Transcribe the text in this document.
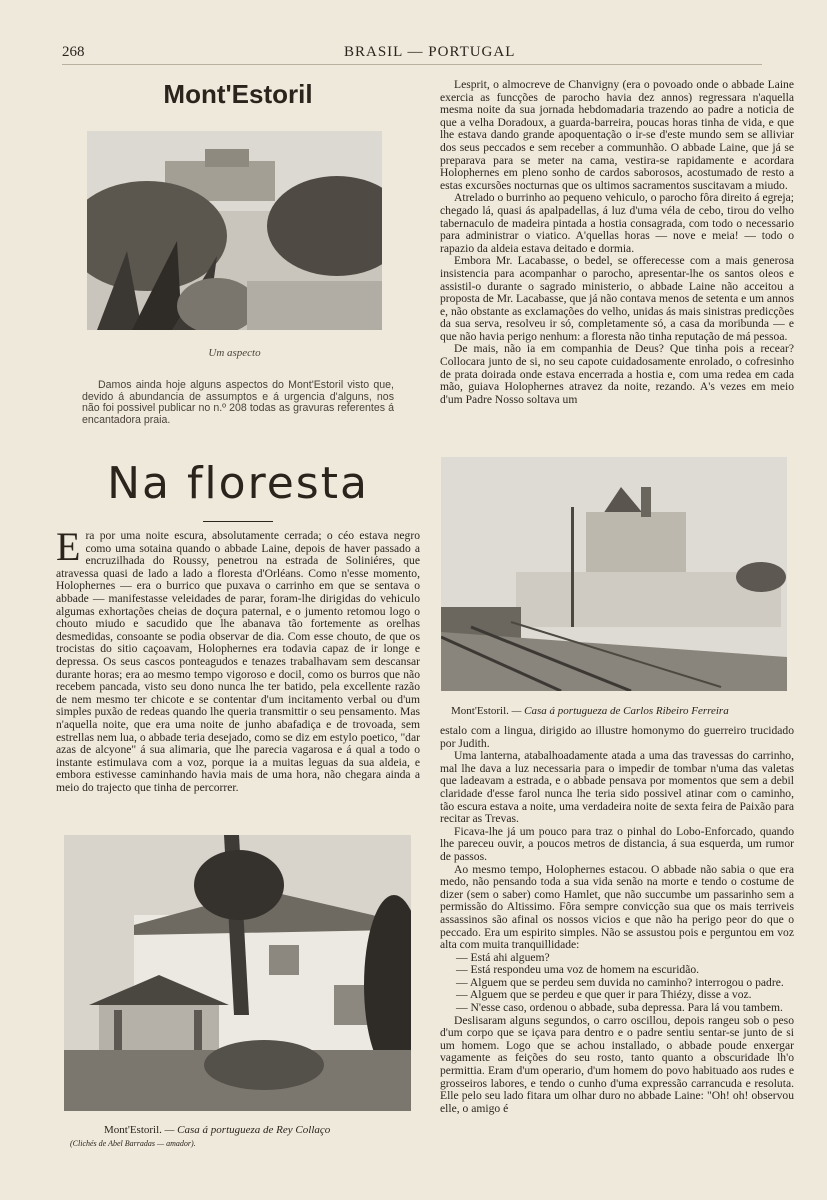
268	BRASIL — PORTUGAL
Mont'Estoril
Um aspecto

Damos ainda hoje alguns aspectos do Mont'Estoril visto que, devido á abundancia de assumptos e á urgencia d'alguns, nos não foi possivel publicar no n.º 208 todas as gravuras referentes á encantadora praia.

Na floresta

Era por uma noite escura, absolutamente cerrada; o céo estava negro como uma sotaina quando o abbade Laine, depois de haver passado a encruzilhada do Roussy, penetrou na estrada de Soliniéres, que atravessa quasi de lado a lado a floresta d'Orléans. Como n'esse momento, Holophernes — era o burrico que puxava o carrinho em que se sentava o abbade — manifestasse veleidades de parar, foram-lhe dirigidas do vehiculo algumas exhortações cheias de doçura paternal, e o jumento retomou logo o chouto miudo e sacudido que lhe abanava tão fortemente as orelhas desmedidas, consoante se podia observar de dia. Com esse chouto, de que os trocistas do sitio caçoavam, Holophernes era todavia capaz de ir longe e depressa. Os seus cascos ponteagudos e tenazes trabalhavam sem descansar durante horas; era ao mesmo tempo vigoroso e docil, como os burros que não recebem pancada, visto seu dono nunca lhe ter batido, pela excellente razão de nem mesmo ter chicote e se contentar d'um incitamento verbal ou d'um simples puxão de redeas quando lhe queria transmittir o seu pensamento. Mas n'aquella noite, que era uma noite de junho abafadiça e de trovoada, sem estrellas nem lua, o abbade teria desejado, como se diz em estylo poetico, "dar azas de alcyone" á sua alimaria, que lhe parecia vagarosa e á qual a todo o instante estimulava com a voz, porque ia a muitas leguas da sua aldeia, e embora estivesse caminhando havia mais de uma hora, não chegara ainda a meio do trajecto que tinha de percorrer.

Mont'Estoril. — Casa á portugueza de Rey Collaço
(Clichés de Abel Barradas — amador).

Lesprit, o almocreve de Chanvigny (era o povoado onde o abbade Laine exercia as funcções de parocho havia dez annos) regressara n'aquella mesma noite da sua jornada hebdomadaria trazendo ao padre a noticia de que a velha Doradoux, a guarda-barreira, poucas horas tinha de vida, e que lhe estava dando grande apoquentação o ir-se d'este mundo sem se alliviar dos seus peccados e sem receber a communhão. O abbade Laine, que já se preparava para se meter na cama, vestira-se rapidamente e acordara Holophernes em pleno sonho de cardos saborosos, acostumado de resto a estas excursões nocturnas que os ultimos sacramentos suscitavam a miudo.

Atrelado o burrinho ao pequeno vehiculo, o parocho fôra direito á egreja; chegado lá, quasi ás apalpadellas, á luz d'uma véla de cebo, tirou do velho tabernaculo de madeira pintada a hostia consagrada, com todo o necessario para administrar o viatico. A'quellas horas — nove e meia! — todo o rapazio da aldeia estava deitado e dormia.

Embora Mr. Lacabasse, o bedel, se offerecesse com a mais generosa insistencia para acompanhar o parocho, apresentar-lhe os santos oleos e assistil-o durante o sagrado ministerio, o abbade Laine não acceitou a proposta de Mr. Lacabasse, que já não contava menos de setenta e um annos e, não obstante as exclamações do velho, unidas ás mais sinistras predicções da sua serva, resolveu ir só, completamente só, a casa da moribunda — e que não havia perigo nenhum: a floresta não tinha reputação de má pessoa.

De mais, não ia em companhia de Deus? Que tinha pois a recear? Collocara junto de si, no seu capote cuidadosamente enrolado, o cofresinho de prata doirada onde estava encerrada a hostia e, com uma redea em cada mão, guiava Holophernes atravez da noite, rezando. A's vezes em meio d'um Padre Nosso soltava um

Mont'Estoril. — Casa á portugueza de Carlos Ribeiro Ferreira

estalo com a lingua, dirigido ao illustre homonymo do guerreiro trucidado por Judith.

Uma lanterna, atabalhoadamente atada a uma das travessas do carrinho, mal lhe dava a luz necessaria para o impedir de tombar n'uma das valetas que ladeavam a estrada, e o abbade pensava por momentos que sem a debil claridade d'esse farol nunca lhe teria sido possivel atinar com o caminho, tão escura estava a noite, uma verdadeira noite de sexta feira de Paixão para recitar as Trevas.

Ficava-lhe já um pouco para traz o pinhal do Lobo-Enforcado, quando lhe pareceu ouvir, a poucos metros de distancia, á sua esquerda, um rumor de passos.

Ao mesmo tempo, Holophernes estacou. O abbade não sabia o que era medo, não pensando toda a sua vida senão na morte e tendo o costume de dizer (sem o saber) como Hamlet, que não succumbe um passarinho sem a permissão do Altissimo. Fôra sempre convicção sua que os mais terriveis assassinos são afinal os nossos vicios e que não ha perigo peor do que o peccado. Era um espirito simples. Não se assustou pois e perguntou em voz alta com muita tranquillidade:

— Está ahi alguem?

— Está respondeu uma voz de homem na escuridão.

— Alguem que se perdeu sem duvida no caminho? interrogou o padre.

— Alguem que se perdeu e que quer ir para Thiézy, disse a voz.

— N'esse caso, ordenou o abbade, suba depressa. Para lá vou tambem.

Deslisaram alguns segundos, o carro oscillou, depois rangeu sob o peso d'um corpo que se içava para dentro e o padre sentiu sentar-se junto de si um homem. Logo que se achou installado, o abbade poude enxergar vagamente as feições do seu rosto, tanto quanto a obscuridade lh'o permittia. Eram d'um operario, d'um homem do povo habituado aos rudes e grosseiros labores, e tendo o cunho d'uma expressão carrancuda e resoluta. Elle pelo seu lado fitara um olhar duro no abbade Laine: "Oh! oh! observou elle, o amigo é
